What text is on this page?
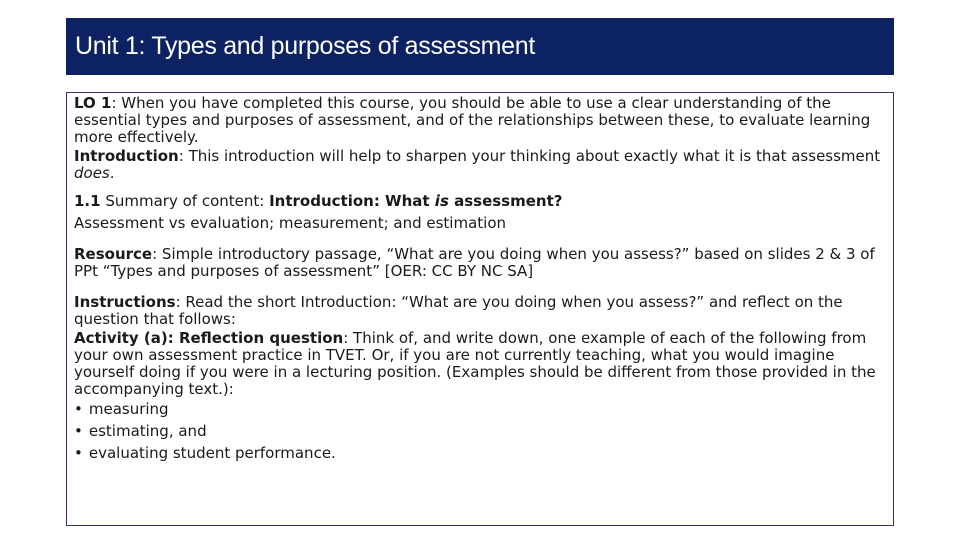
Unit 1: Types and purposes of assessment

LO 1: When you have completed this course, you should be able to use a clear understanding of the essential types and purposes of assessment, and of the relationships between these, to evaluate learning more effectively.

Introduction: This introduction will help to sharpen your thinking about exactly what it is that assessment does.

1.1 Summary of content: Introduction: What is assessment?

Assessment vs evaluation; measurement; and estimation

Resource: Simple introductory passage, “What are you doing when you assess?” based on slides 2 & 3 of PPt “Types and purposes of assessment” [OER: CC BY NC SA]

Instructions: Read the short Introduction: “What are you doing when you assess?” and reflect on the question that follows:

Activity (a): Reflection question: Think of, and write down, one example of each of the following from your own assessment practice in TVET. Or, if you are not currently teaching, what you would imagine yourself doing if you were in a lecturing position. (Examples should be different from those provided in the accompanying text.):

• measuring

• estimating, and

• evaluating student performance.
